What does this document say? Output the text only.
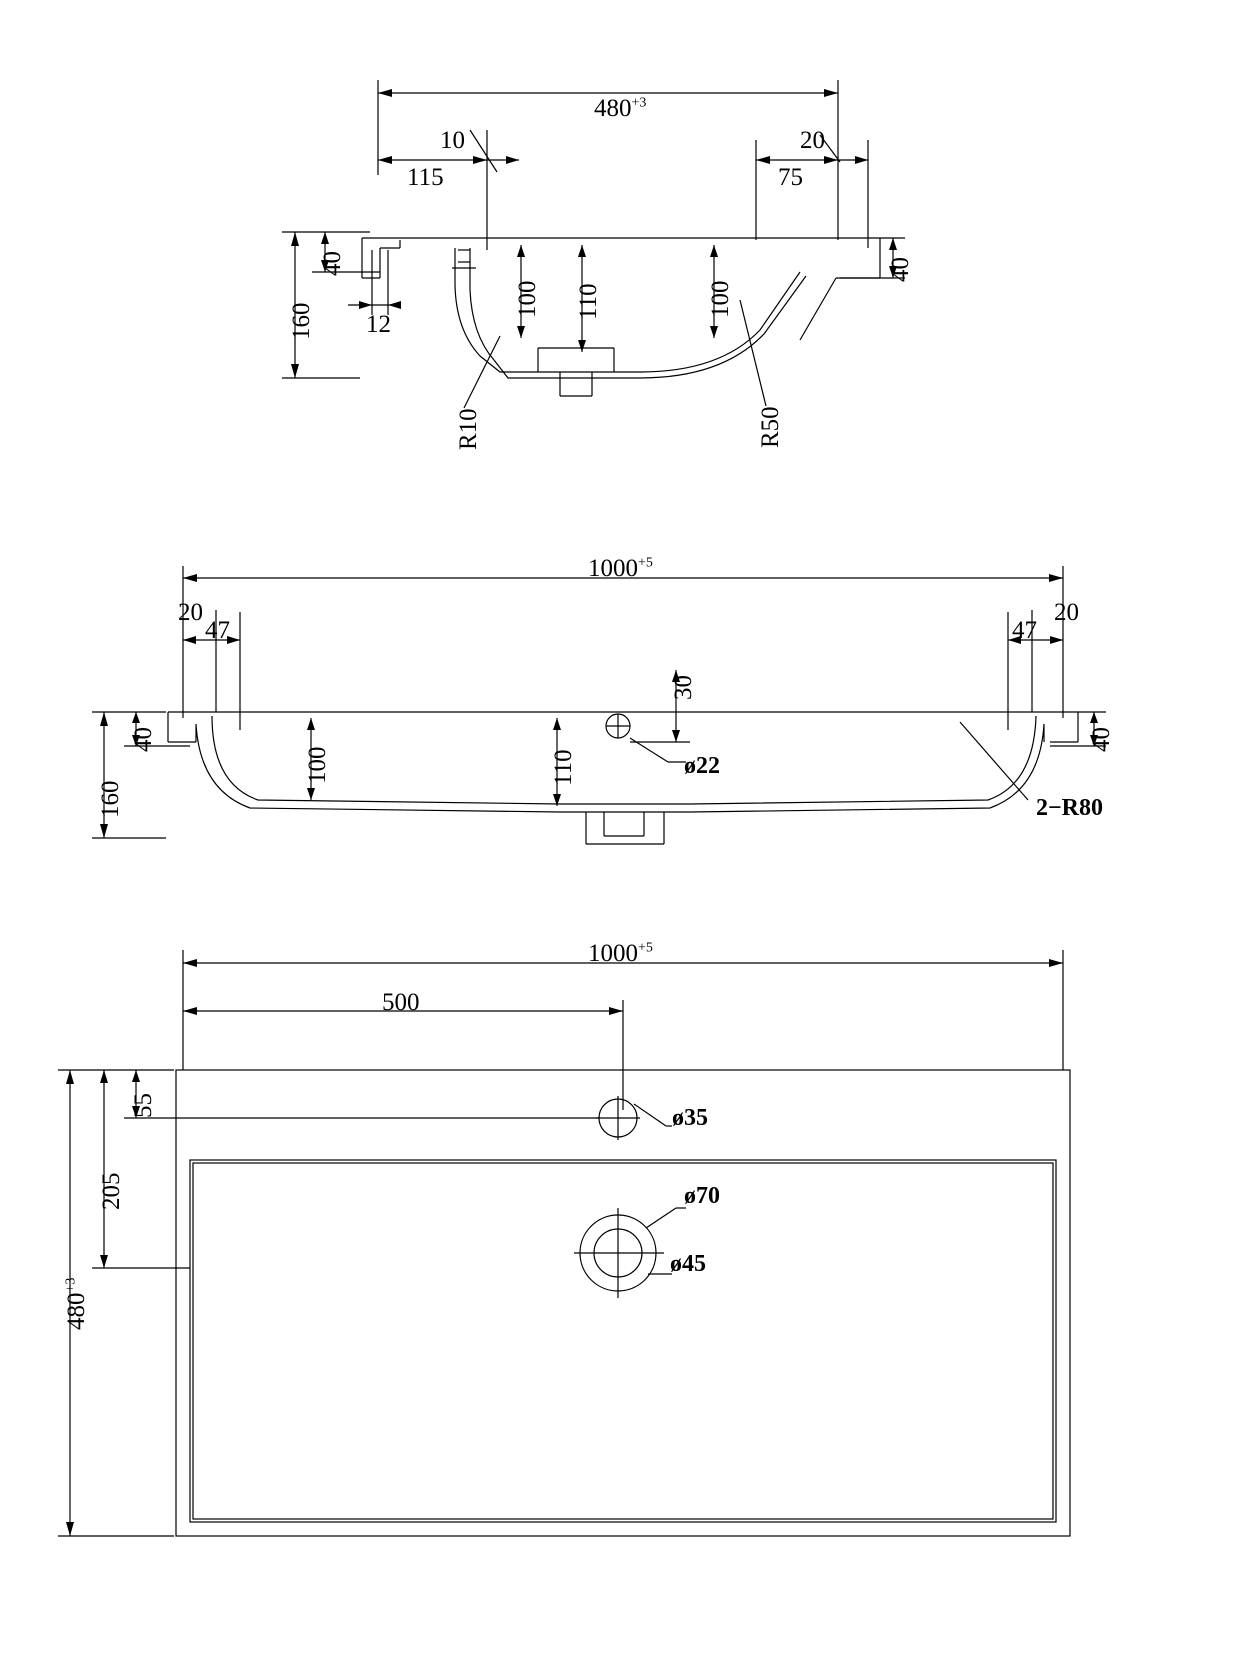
$480^{+3}$
10
115
20
75
12
160
40	40
100 110	100
R10	R50
$1000^{+5}$
20
47	47
20
160
40	40
100	110
30
ø22
2−R80
$1000^{+5}$
500
55
205
$480^{+3}$
ø35
ø70
ø45
